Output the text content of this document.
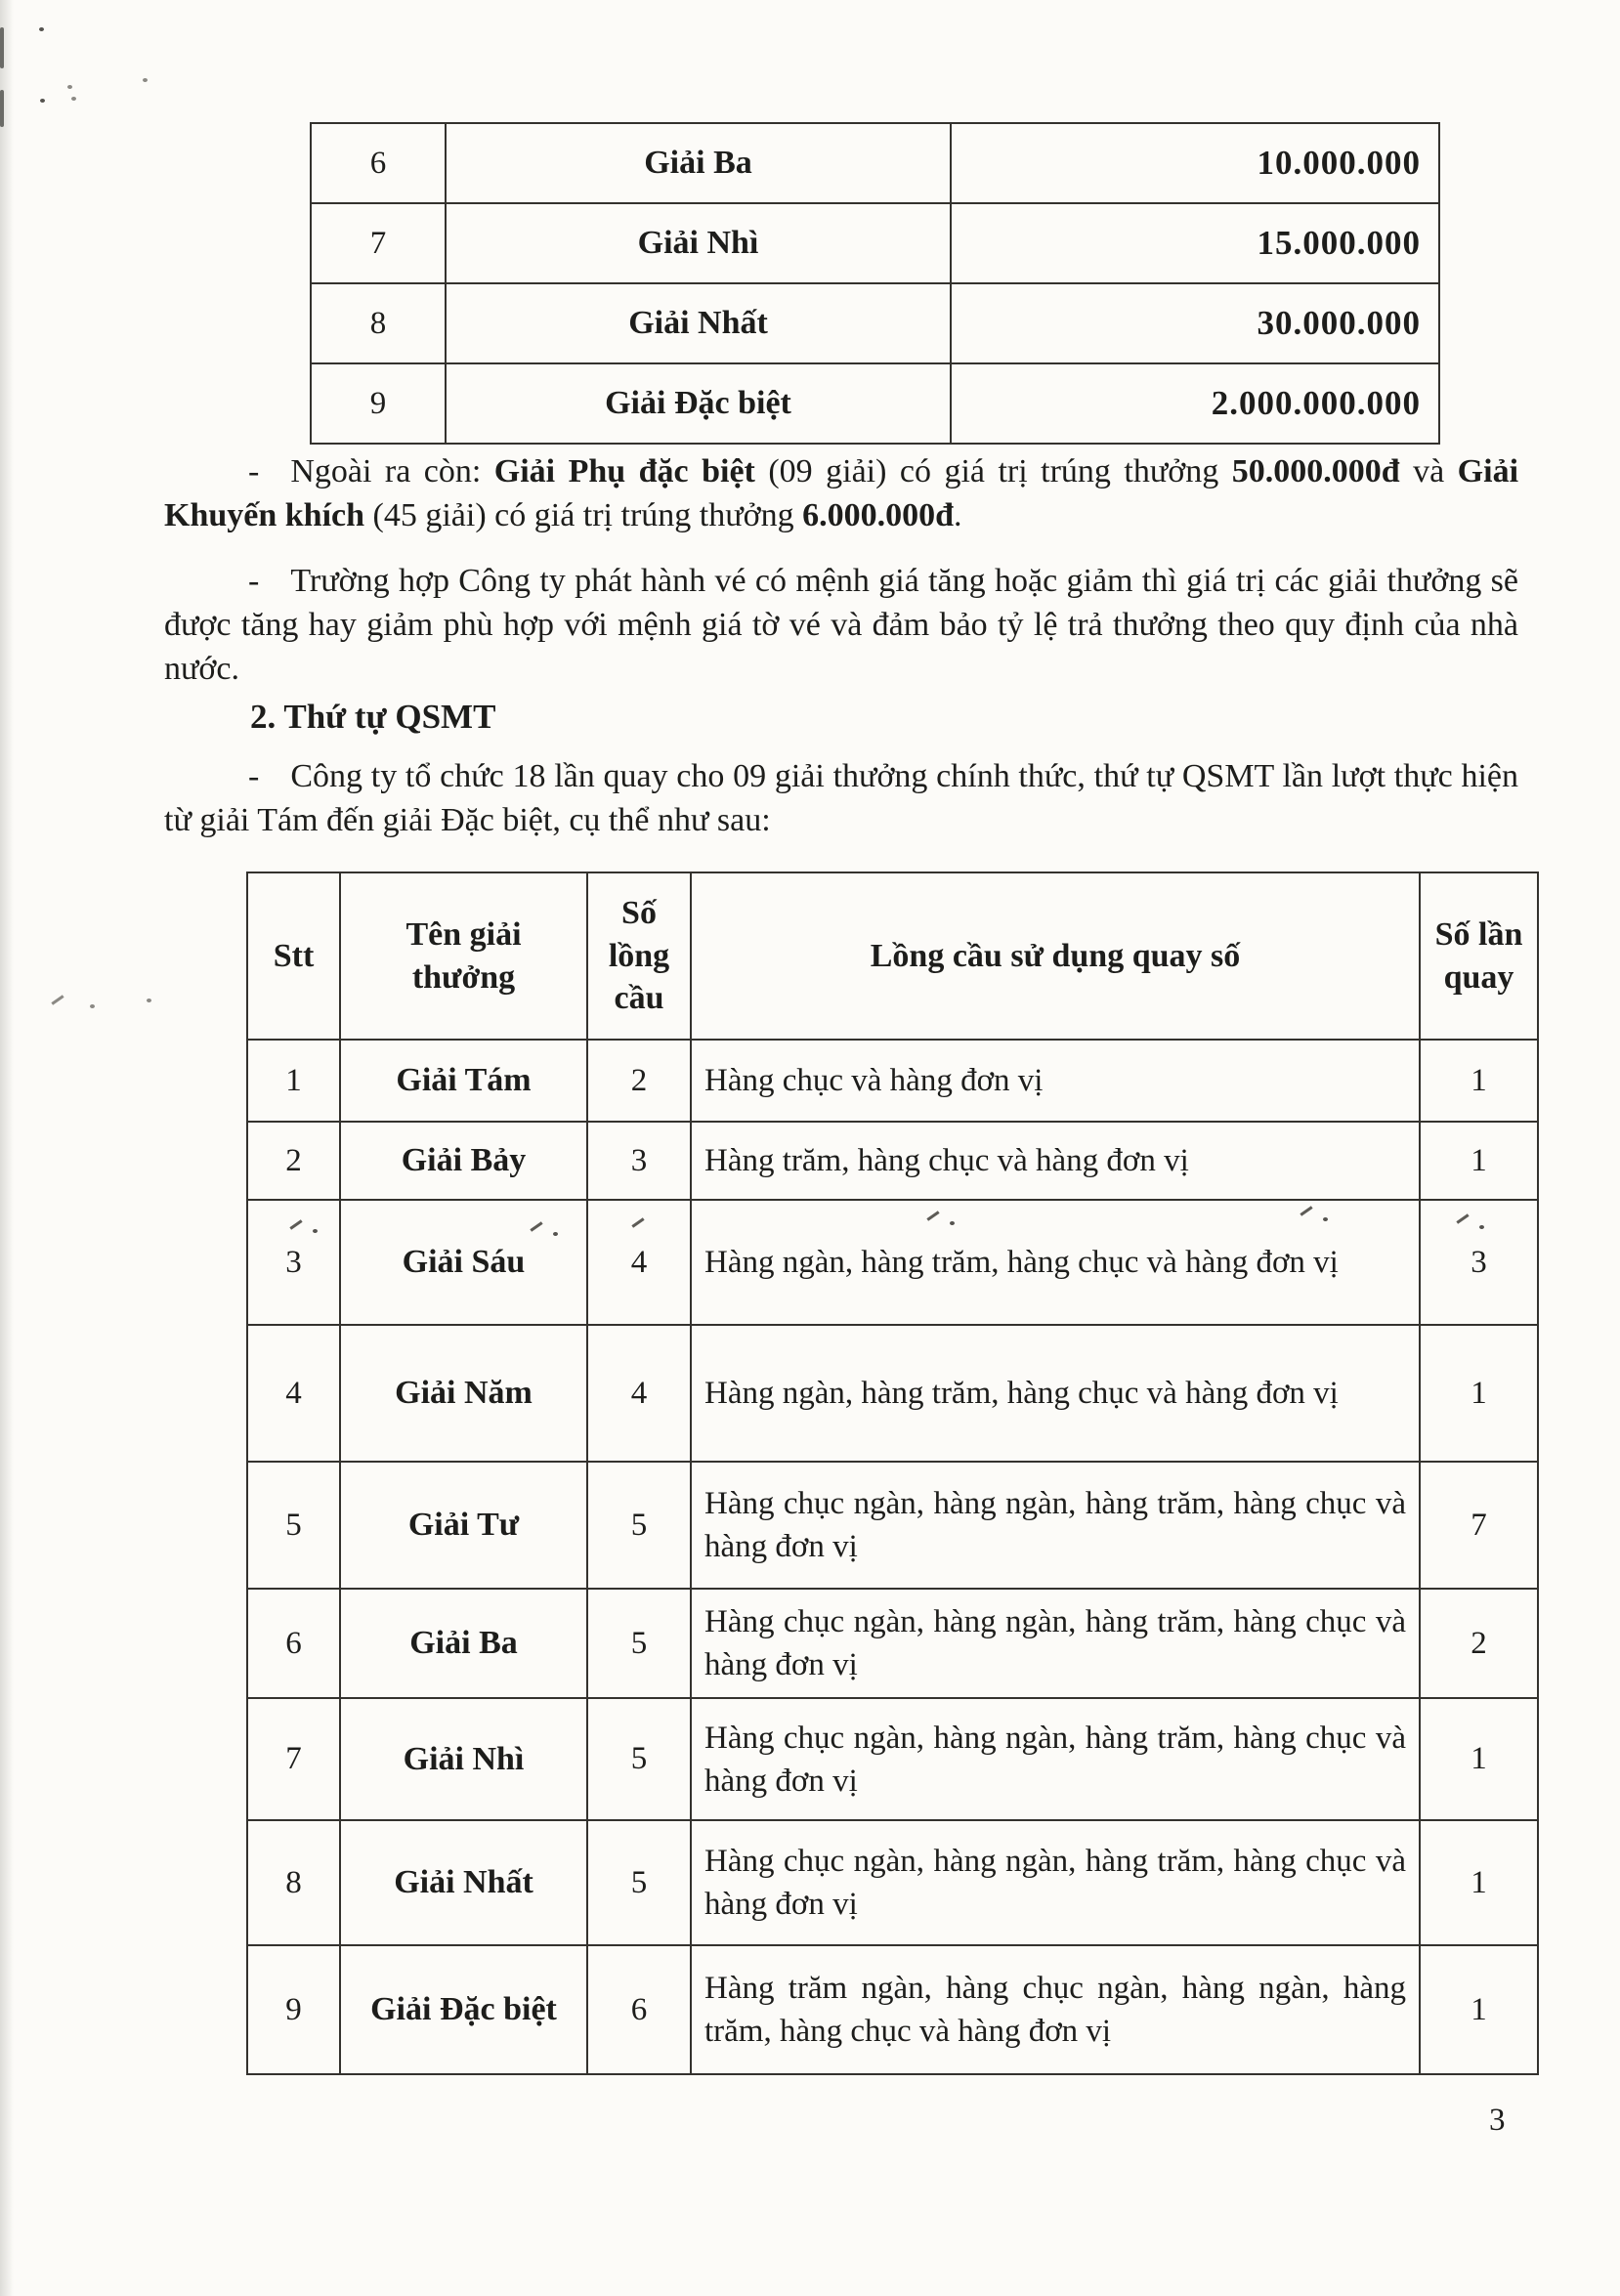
6	Giải Ba	10.000.000
7	Giải Nhì	15.000.000
8	Giải Nhất	30.000.000
9	Giải Đặc biệt	2.000.000.000
- Ngoài ra còn: Giải Phụ đặc biệt (09 giải) có giá trị trúng thưởng 50.000.000đ và Giải Khuyến khích (45 giải) có giá trị trúng thưởng 6.000.000đ.
- Trường hợp Công ty phát hành vé có mệnh giá tăng hoặc giảm thì giá trị các giải thưởng sẽ được tăng hay giảm phù hợp với mệnh giá tờ vé và đảm bảo tỷ lệ trả thưởng theo quy định của nhà nước.
2. Thứ tự QSMT
- Công ty tổ chức 18 lần quay cho 09 giải thưởng chính thức, thứ tự QSMT lần lượt thực hiện từ giải Tám đến giải Đặc biệt, cụ thể như sau:
Stt	Tên giải thưởng	Số lồng cầu	Lồng cầu sử dụng quay số	Số lần quay
1	Giải Tám	2	Hàng chục và hàng đơn vị	1
2	Giải Bảy	3	Hàng trăm, hàng chục và hàng đơn vị	1
3	Giải Sáu	4	Hàng ngàn, hàng trăm, hàng chục và hàng đơn vị	3
4	Giải Năm	4	Hàng ngàn, hàng trăm, hàng chục và hàng đơn vị	1
5	Giải Tư	5	Hàng chục ngàn, hàng ngàn, hàng trăm, hàng chục và hàng đơn vị	7
6	Giải Ba	5	Hàng chục ngàn, hàng ngàn, hàng trăm, hàng chục và hàng đơn vị	2
7	Giải Nhì	5	Hàng chục ngàn, hàng ngàn, hàng trăm, hàng chục và hàng đơn vị	1
8	Giải Nhất	5	Hàng chục ngàn, hàng ngàn, hàng trăm, hàng chục và hàng đơn vị	1
9	Giải Đặc biệt	6	Hàng trăm ngàn, hàng chục ngàn, hàng ngàn, hàng trăm, hàng chục và hàng đơn vị	1
3
